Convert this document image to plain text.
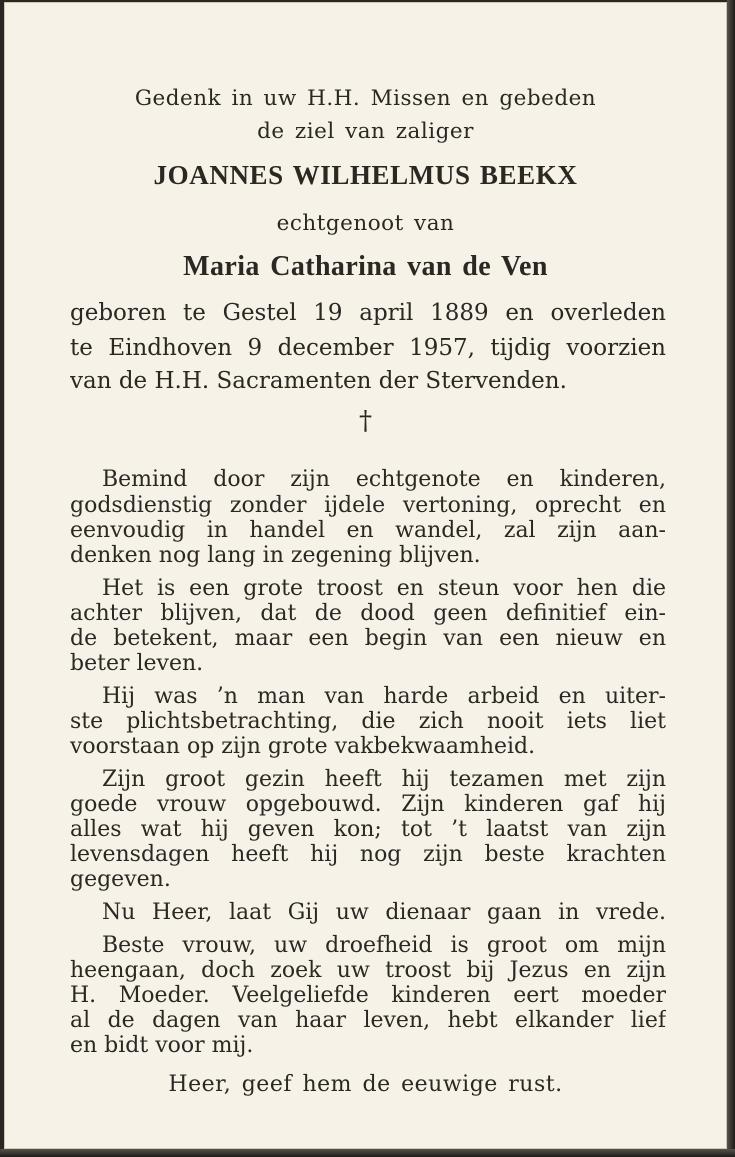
Gedenk in uw H.H. Missen en gebeden

de ziel van zaliger

JOANNES WILHELMUS BEEKX

echtgenoot van

Maria Catharina van de Ven

geboren te Gestel 19 april 1889 en overleden

te Eindhoven 9 december 1957, tijdig voorzien

van de H.H. Sacramenten der Stervenden.

†

Bemind door zijn echtgenote en kinderen,

godsdienstig zonder ijdele vertoning, oprecht en

eenvoudig in handel en wandel, zal zijn aan-

denken nog lang in zegening blijven.

Het is een grote troost en steun voor hen die

achter blijven, dat de dood geen definitief ein-

de betekent, maar een begin van een nieuw en

beter leven.

Hij was ’n man van harde arbeid en uiter-

ste plichtsbetrachting, die zich nooit iets liet

voorstaan op zijn grote vakbekwaamheid.

Zijn groot gezin heeft hij tezamen met zijn

goede vrouw opgebouwd. Zijn kinderen gaf hij

alles wat hij geven kon; tot ’t laatst van zijn

levensdagen heeft hij nog zijn beste krachten

gegeven.

Nu Heer, laat Gij uw dienaar gaan in vrede.

Beste vrouw, uw droefheid is groot om mijn

heengaan, doch zoek uw troost bij Jezus en zijn

H. Moeder. Veelgeliefde kinderen eert moeder

al de dagen van haar leven, hebt elkander lief

en bidt voor mij.

Heer, geef hem de eeuwige rust.
